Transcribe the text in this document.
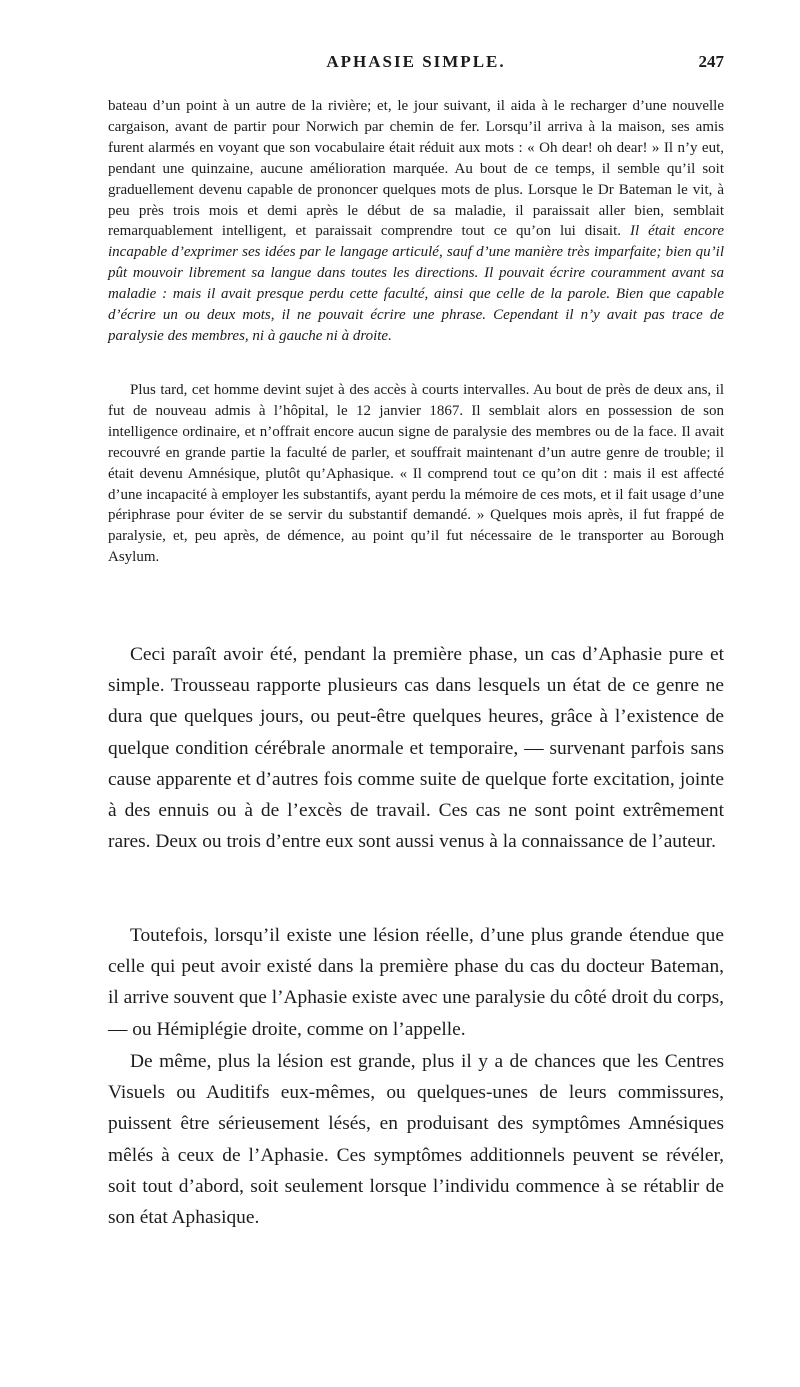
APHASIE SIMPLE.	247

bateau d’un point à un autre de la rivière; et, le jour suivant, il aida à le recharger d’une nouvelle cargaison, avant de partir pour Norwich par chemin de fer. Lorsqu’il arriva à la maison, ses amis furent alarmés en voyant que son vocabulaire était réduit aux mots : « Oh dear! oh dear! » Il n’y eut, pendant une quinzaine, aucune amélioration marquée. Au bout de ce temps, il semble qu’il soit graduellement devenu capable de prononcer quelques mots de plus. Lorsque le Dr Bateman le vit, à peu près trois mois et demi après le début de sa maladie, il paraissait aller bien, semblait remarquablement intelligent, et paraissait comprendre tout ce qu’on lui disait. Il était encore incapable d’exprimer ses idées par le langage articulé, sauf d’une manière très imparfaite; bien qu’il pût mouvoir librement sa langue dans toutes les directions. Il pouvait écrire couramment avant sa maladie : mais il avait presque perdu cette faculté, ainsi que celle de la parole. Bien que capable d’écrire un ou deux mots, il ne pouvait écrire une phrase. Cependant il n’y avait pas trace de paralysie des membres, ni à gauche ni à droite.

Plus tard, cet homme devint sujet à des accès à courts intervalles. Au bout de près de deux ans, il fut de nouveau admis à l’hôpital, le 12 janvier 1867. Il semblait alors en possession de son intelligence ordinaire, et n’offrait encore aucun signe de paralysie des membres ou de la face. Il avait recouvré en grande partie la faculté de parler, et souffrait maintenant d’un autre genre de trouble; il était devenu Amnésique, plutôt qu’Aphasique. « Il comprend tout ce qu’on dit : mais il est affecté d’une incapacité à employer les substantifs, ayant perdu la mémoire de ces mots, et il fait usage d’une périphrase pour éviter de se servir du substantif demandé. » Quelques mois après, il fut frappé de paralysie, et, peu après, de démence, au point qu’il fut nécessaire de le transporter au Borough Asylum.

Ceci paraît avoir été, pendant la première phase, un cas d’Aphasie pure et simple. Trousseau rapporte plusieurs cas dans lesquels un état de ce genre ne dura que quelques jours, ou peut-être quelques heures, grâce à l’existence de quelque condition cérébrale anormale et temporaire, — survenant parfois sans cause apparente et d’autres fois comme suite de quelque forte excitation, jointe à des ennuis ou à de l’excès de travail. Ces cas ne sont point extrêmement rares. Deux ou trois d’entre eux sont aussi venus à la connaissance de l’auteur.

Toutefois, lorsqu’il existe une lésion réelle, d’une plus grande étendue que celle qui peut avoir existé dans la première phase du cas du docteur Bateman, il arrive souvent que l’Aphasie existe avec une paralysie du côté droit du corps, — ou Hémiplégie droite, comme on l’appelle.

De même, plus la lésion est grande, plus il y a de chances que les Centres Visuels ou Auditifs eux-mêmes, ou quelques-unes de leurs commissures, puissent être sérieusement lésés, en produisant des symptômes Amnésiques mêlés à ceux de l’Aphasie. Ces symptômes additionnels peuvent se révéler, soit tout d’abord, soit seulement lorsque l’individu commence à se rétablir de son état Aphasique.
